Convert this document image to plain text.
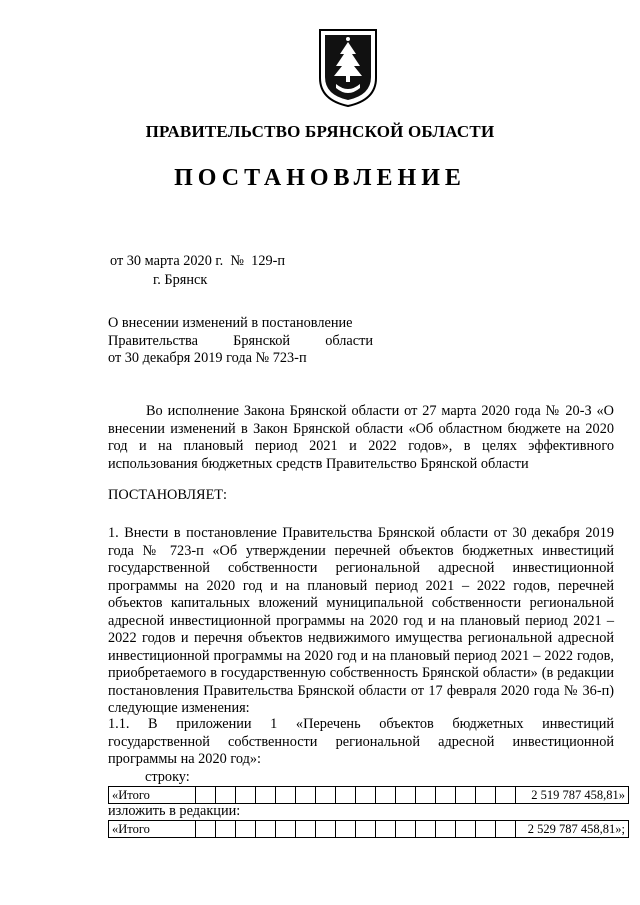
ПРАВИТЕЛЬСТВО БРЯНСКОЙ ОБЛАСТИ
ПОСТАНОВЛЕНИЕ
от 30 марта 2020 г.  №  129-п
г. Брянск
О внесении изменений в постановление
Правительства Брянской области
от 30 декабря 2019 года № 723-п

Во исполнение Закона Брянской области от 27 марта 2020 года № 20-З «О внесении изменений в Закон Брянской области «Об областном бюджете на 2020 год и на плановый период 2021 и 2022 годов», в целях эффективного использования бюджетных средств Правительство Брянской области

ПОСТАНОВЛЯЕТ:

1. Внести в постановление Правительства Брянской области от 30 декабря 2019 года № 723-п «Об утверждении перечней объектов бюджетных инвестиций государственной собственности региональной адресной инвестиционной программы на 2020 год и на плановый период 2021 – 2022 годов, перечней объектов капитальных вложений муниципальной собственности региональной адресной инвестиционной программы на 2020 год и на плановый период 2021 – 2022 годов и перечня объектов недвижимого имущества региональной адресной инвестиционной программы на 2020 год и на плановый период 2021 – 2022 годов, приобретаемого в государственную собственность Брянской области» (в редакции постановления Правительства Брянской области от 17 февраля 2020 года № 36-п) следующие изменения:

1.1. В приложении 1 «Перечень объектов бюджетных инвестиций государственной собственности региональной адресной инвестиционной программы на 2020 год»:

строку:
«Итого																	2 519 787 458,81»
изложить в редакции:
«Итого																	2 529 787 458,81»;
